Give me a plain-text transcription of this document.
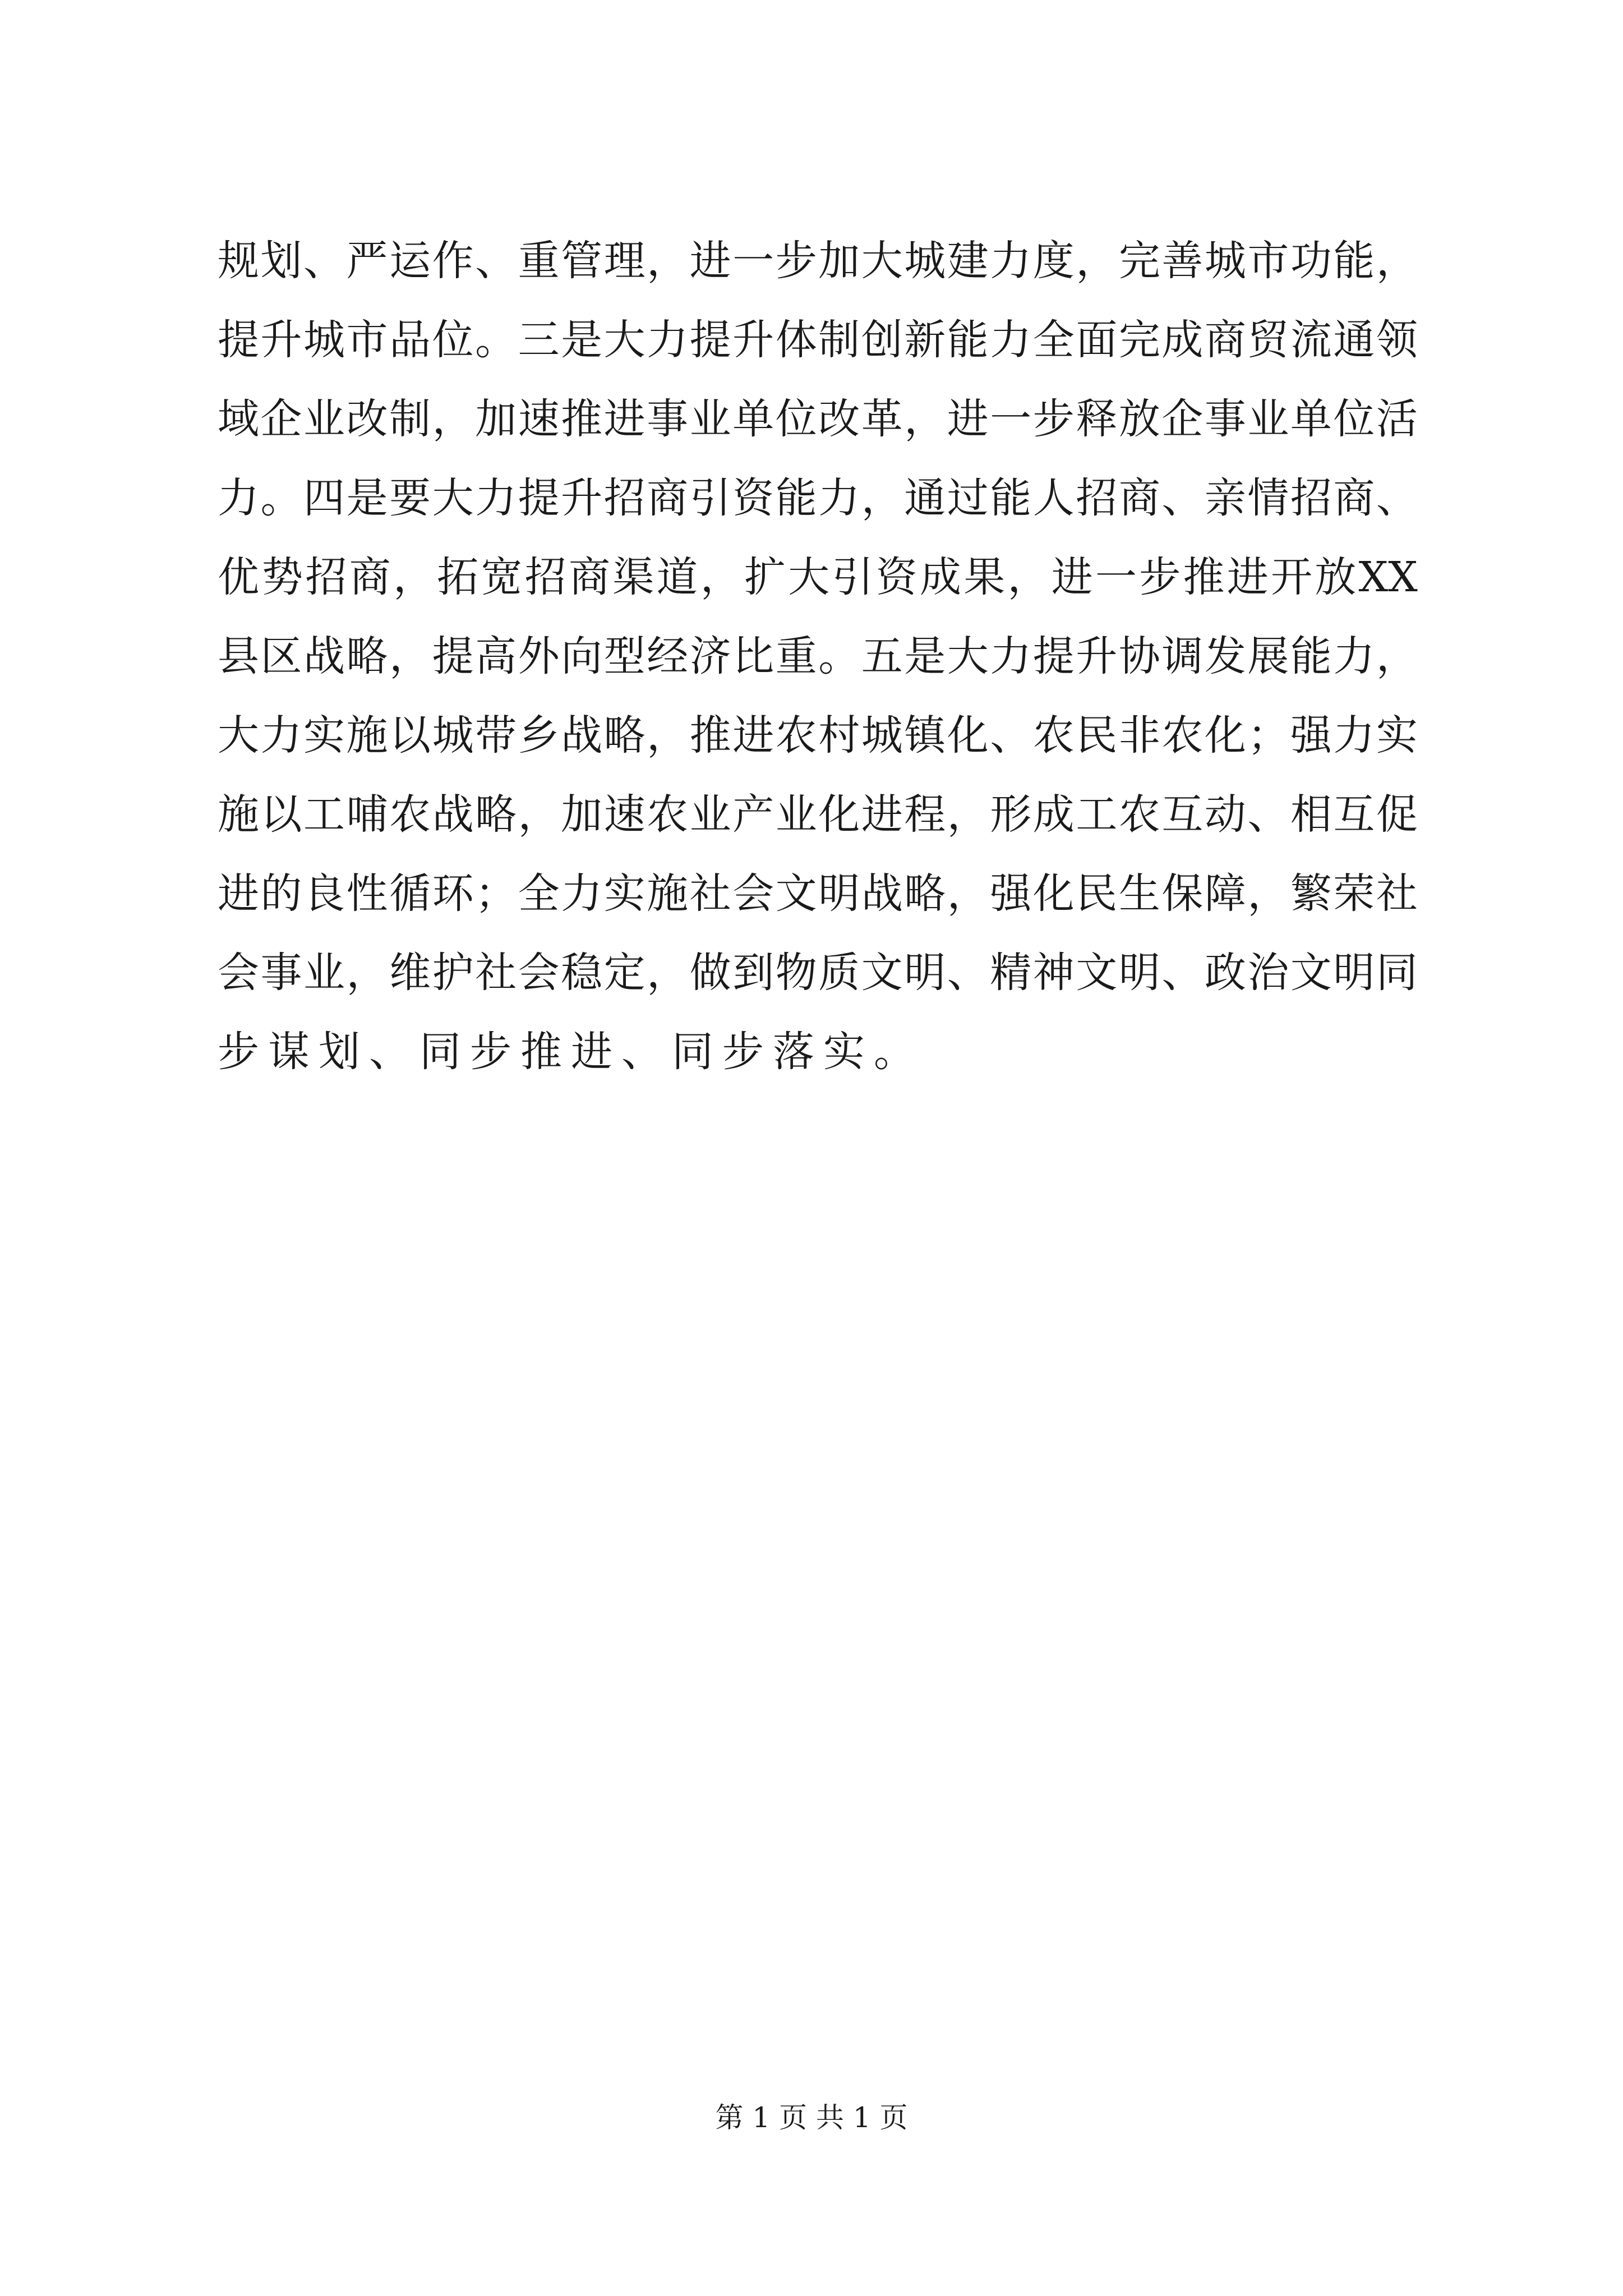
规 划 、 严 运 作 、 重 管 理 ， 进 一 步 加 大 城 建 力 度 ， 完 善 城 市 功 能 ，
提 升 城 市 品 位 。 三 是 大 力 提 升 体 制 创 新 能 力 全 面 完 成 商 贸 流 通 领
域 企 业 改 制 ， 加 速 推 进 事 业 单 位 改 革 ， 进 一 步 释 放 企 事 业 单 位 活
力 。 四 是 要 大 力 提 升 招 商 引 资 能 力 ， 通 过 能 人 招 商 、 亲 情 招 商 、
优 势 招 商 ， 拓 宽 招 商 渠 道 ， 扩 大 引 资 成 果 ， 进 一 步 推 进 开 放 XX
县 区 战 略 ， 提 高 外 向 型 经 济 比 重 。 五 是 大 力 提 升 协 调 发 展 能 力 ，
大 力 实 施 以 城 带 乡 战 略 ， 推 进 农 村 城 镇 化 、 农 民 非 农 化 ； 强 力 实
施 以 工 哺 农 战 略 ， 加 速 农 业 产 业 化 进 程 ， 形 成 工 农 互 动 、 相 互 促
进 的 良 性 循 环 ； 全 力 实 施 社 会 文 明 战 略 ， 强 化 民 生 保 障 ， 繁 荣 社
会 事 业 ， 维 护 社 会 稳 定 ， 做 到 物 质 文 明 、 精 神 文 明 、 政 治 文 明 同
步谋划、同步推进、同步落实。
第 1 页 共 1 页
